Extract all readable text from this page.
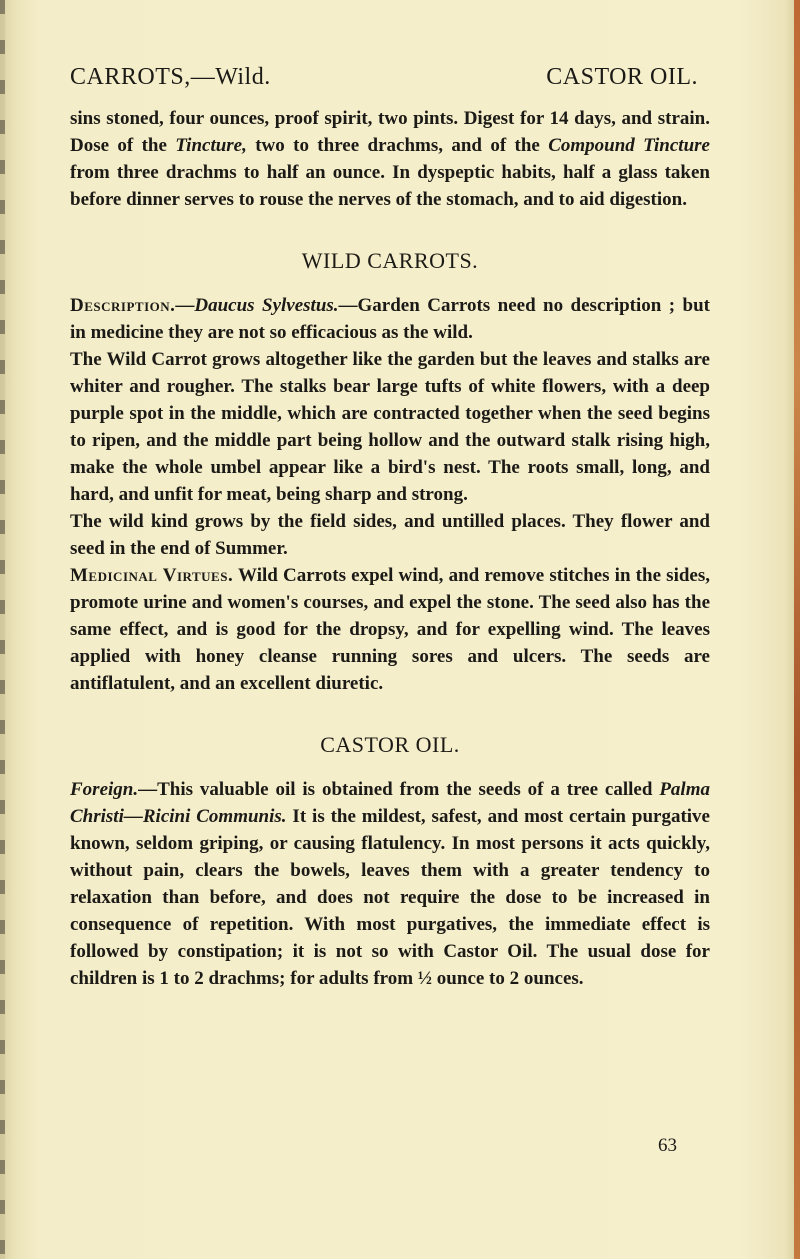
CARROTS,—Wild.	CASTOR OIL.

sins stoned, four ounces, proof spirit, two pints. Digest for 14 days, and strain. Dose of the Tincture, two to three drachms, and of the Compound Tincture from three drachms to half an ounce. In dyspeptic habits, half a glass taken before dinner serves to rouse the nerves of the stomach, and to aid digestion.

WILD CARROTS.

Description.—Daucus Sylvestus.—Garden Carrots need no description ; but in medicine they are not so efficacious as the wild.

The Wild Carrot grows altogether like the garden but the leaves and stalks are whiter and rougher. The stalks bear large tufts of white flowers, with a deep purple spot in the middle, which are contracted together when the seed begins to ripen, and the middle part being hollow and the outward stalk rising high, make the whole umbel appear like a bird's nest. The roots small, long, and hard, and unfit for meat, being sharp and strong.

The wild kind grows by the field sides, and untilled places. They flower and seed in the end of Summer.

Medicinal Virtues. Wild Carrots expel wind, and remove stitches in the sides, promote urine and women's courses, and expel the stone. The seed also has the same effect, and is good for the dropsy, and for expelling wind. The leaves applied with honey cleanse running sores and ulcers. The seeds are antiflatulent, and an excellent diuretic.

CASTOR OIL.

Foreign.—This valuable oil is obtained from the seeds of a tree called Palma Christi—Ricini Communis. It is the mildest, safest, and most certain purgative known, seldom griping, or causing flatulency. In most persons it acts quickly, without pain, clears the bowels, leaves them with a greater tendency to relaxation than before, and does not require the dose to be increased in consequence of repetition. With most purgatives, the immediate effect is followed by constipation; it is not so with Castor Oil. The usual dose for children is 1 to 2 drachms; for adults from ½ ounce to 2 ounces.

63
